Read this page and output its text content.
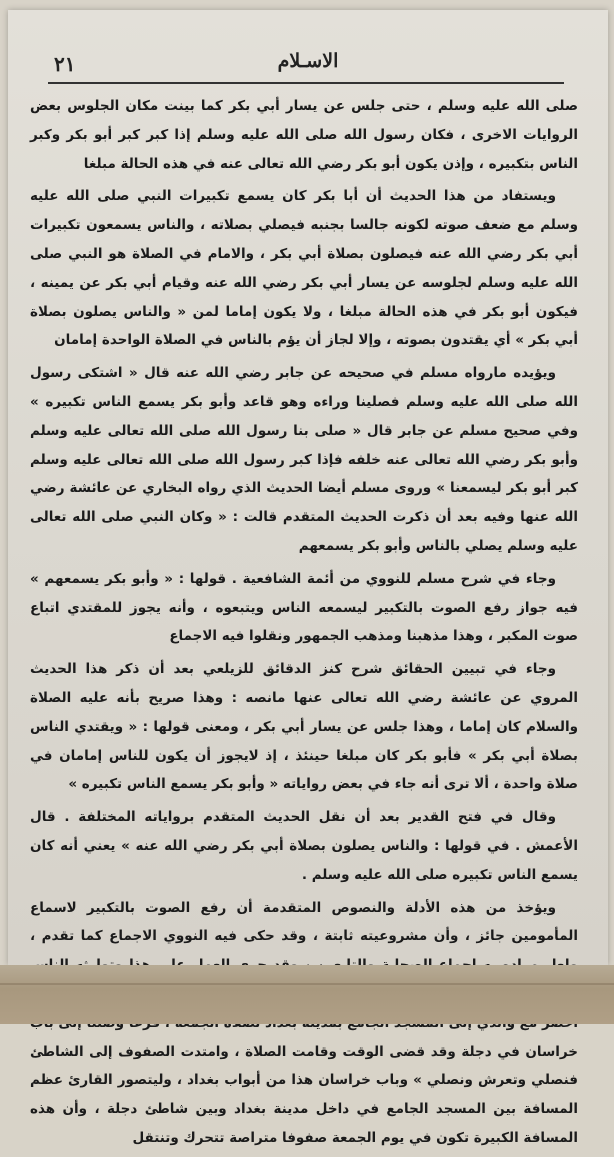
٢١	الاسـلام

صلى الله عليه وسلم ، حتى جلس عن يسار أبي بكر كما بينت مكان الجلوس بعض الروايات الاخرى ، فكان رسول الله صلى الله عليه وسلم إذا كبر كبر أبو بكر وكبر الناس بتكبيره ، وإذن يكون أبو بكر رضي الله تعالى عنه في هذه الحالة مبلغا

ويستفاد من هذا الحديث أن أبا بكر كان يسمع تكبيرات النبي صلى الله عليه وسلم مع ضعف صوته لكونه جالسا بجنبه فيصلي بصلاته ، والناس يسمعون تكبيرات أبي بكر رضي الله عنه فيصلون بصلاة أبي بكر ، والامام في الصلاة هو النبي صلى الله عليه وسلم لجلوسه عن يسار أبي بكر رضي الله عنه وقيام أبي بكر عن يمينه ، فيكون أبو بكر في هذه الحالة مبلغا ، ولا يكون إماما لمن « والناس يصلون بصلاة أبي بكر » أي يقتدون بصوته ، وإلا لجاز أن يؤم بالناس في الصلاة الواحدة إمامان

ويؤيده مارواه مسلم في صحيحه عن جابر رضي الله عنه قال « اشتكى رسول الله صلى الله عليه وسلم فصلينا وراءه وهو قاعد وأبو بكر يسمع الناس تكبيره » وفي صحيح مسلم عن جابر قال « صلى بنا رسول الله صلى الله تعالى عليه وسلم وأبو بكر رضي الله تعالى عنه خلفه فإذا كبر رسول الله صلى الله تعالى عليه وسلم كبر أبو بكر ليسمعنا » وروى مسلم أيضا الحديث الذي رواه البخاري عن عائشة رضي الله عنها وفيه بعد أن ذكرت الحديث المتقدم قالت : « وكان النبي صلى الله تعالى عليه وسلم يصلي بالناس وأبو بكر يسمعهم

وجاء في شرح مسلم للنووي من أئمة الشافعية . قولها : « وأبو بكر يسمعهم » فيه جواز رفع الصوت بالتكبير ليسمعه الناس ويتبعوه ، وأنه يجوز للمقتدي اتباع صوت المكبر ، وهذا مذهبنا ومذهب الجمهور ونقلوا فيه الاجماع

وجاء في تبيين الحقائق شرح كنز الدقائق للزيلعي بعد أن ذكر هذا الحديث المروي عن عائشة رضي الله تعالى عنها مانصه : وهذا صريح بأنه عليه الصلاة والسلام كان إماما ، وهذا جلس عن يسار أبي بكر ، ومعنى قولها : « ويقتدي الناس بصلاة أبي بكر » فأبو بكر كان مبلغا حينئذ ، إذ لايجوز أن يكون للناس إمامان في صلاة واحدة ، ألا ترى أنه جاء في بعض رواياته « وأبو بكر يسمع الناس تكبيره »

وقال في فتح القدير بعد أن نقل الحديث المتقدم برواياته المختلفة . قال الأعمش . في قولها : والناس يصلون بصلاة أبي بكر رضي الله عنه » يعني أنه كان يسمع الناس تكبيره صلى الله عليه وسلم .

ويؤخذ من هذه الأدلة والنصوص المتقدمة أن رفع الصوت بالتكبير لاسماع المأمومين جائز ، وأن مشروعيته ثابتة ، وقد حكى فيه النووي الاجماع كما تقدم ، خراسان في دجلة وقد قضى الوقت وقامت الصلاة ، وامتدت الصفوف إلى الشاطئ فنصلي وتعرش ونصلي » وباب خراسان هذا من أبواب بغداد ، وليتصور القارئ عظم المسافة بين المسجد الجامع في داخل مدينة بغداد وبين شاطئ دجلة ، وأن هذه المسافة الكبيرة تكون في يوم الجمعة صفوفا متراصة تتحرك وتنتقل
